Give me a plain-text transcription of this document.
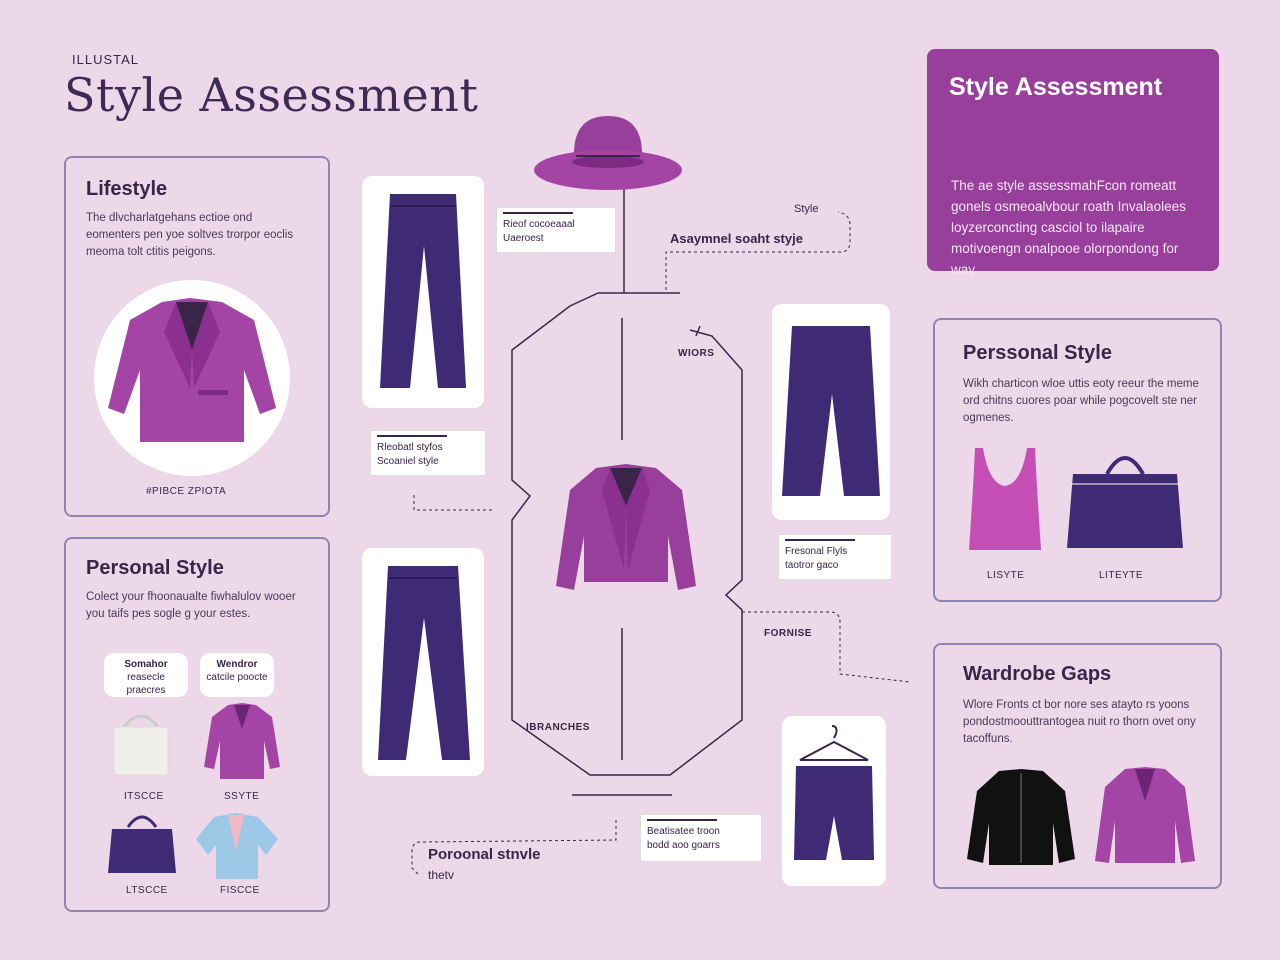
ILLUSTAL
Style Assessment	Style Assessment

The ae style assessmahFcon romeatt gonels osmeoalvbour roath Invalaolees loyzerconcting casciol to ilapaire motivoengn onalpooe olorpondong for way.

Lifestyle

The dlvcharlatgehans ectioe ond eomenters pen yoe soltves trorpor eoclis meoma tolt ctitis peigons.

#PIBCE ZPIOTA
Personal Style

Colect your fhoonaualte fiwhalulov wooer you taifs pes sogle g your estes.

Somahor
reasecle praecres
Wendror
catcile poocte
ITSCCE	SSYTE
LTSCCE	FISCCE
Rieof cocoeaaal
Uaeroest
Rleobatl styfos
Scoaniel style
Fresonal Flyls
taotror gaco
Beatisatee troon
bodd aoo goarrs
Style
Asaymnel soaht styje
WIORS
FORNISE
IBRANCHES
Poroonal stnvle
thetv
Perssonal Style

Wikh charticon wloe uttis eoty reeur the meme ord chitns cuores poar while pogcovelt ste ner ogmenes.

LISYTE	LITEYTE
Wardrobe Gaps

Wlore Fronts ct bor nore ses atayto rs yoons pondostmoouttrantogea nuit ro thorn ovet ony tacoffuns.
